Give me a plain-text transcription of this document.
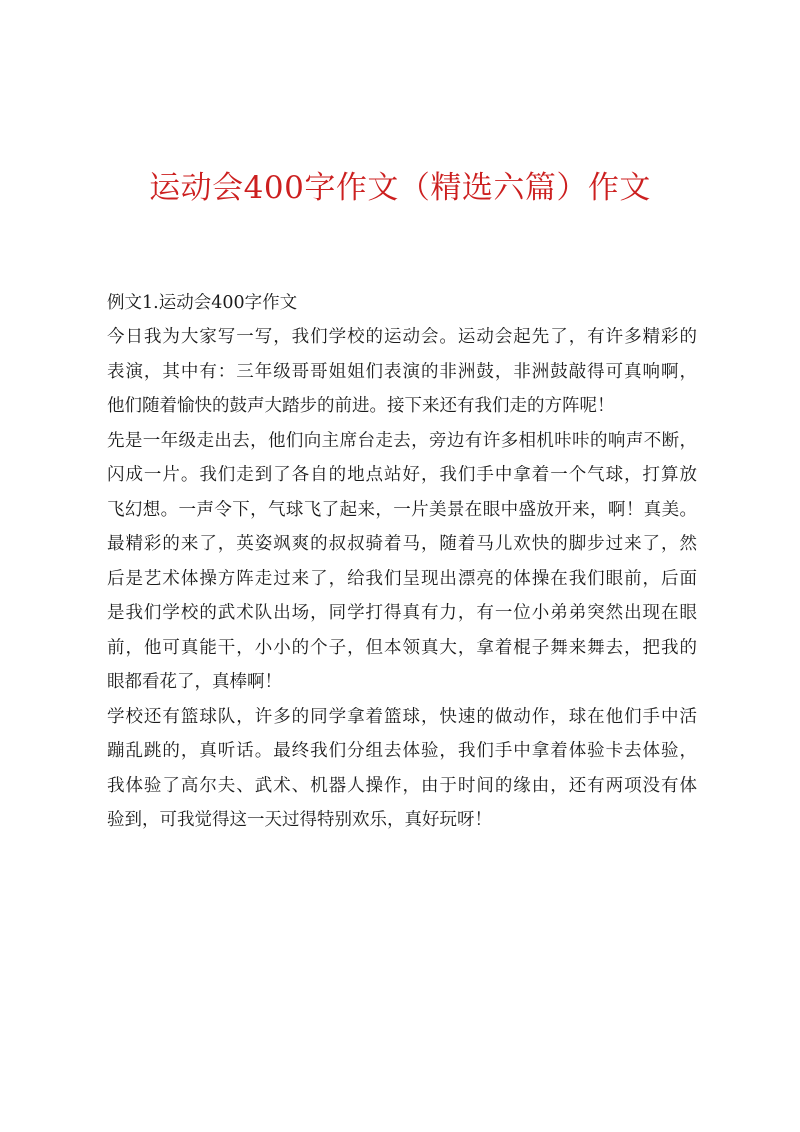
运动会400字作文（精选六篇）作文
例文1.运动会400字作文
今日我为大家写一写，我们学校的运动会。运动会起先了，有许多精彩的
表演，其中有：三年级哥哥姐姐们表演的非洲鼓，非洲鼓敲得可真响啊，
他们随着愉快的鼓声大踏步的前进。接下来还有我们走的方阵呢！
先是一年级走出去，他们向主席台走去，旁边有许多相机咔咔的响声不断，
闪成一片。我们走到了各自的地点站好，我们手中拿着一个气球，打算放
飞幻想。一声令下，气球飞了起来，一片美景在眼中盛放开来，啊！真美。
最精彩的来了，英姿飒爽的叔叔骑着马，随着马儿欢快的脚步过来了，然
后是艺术体操方阵走过来了，给我们呈现出漂亮的体操在我们眼前，后面
是我们学校的武术队出场，同学打得真有力，有一位小弟弟突然出现在眼
前，他可真能干，小小的个子，但本领真大，拿着棍子舞来舞去，把我的
眼都看花了，真棒啊！
学校还有篮球队，许多的同学拿着篮球，快速的做动作，球在他们手中活
蹦乱跳的，真听话。最终我们分组去体验，我们手中拿着体验卡去体验，
我体验了高尔夫、武术、机器人操作，由于时间的缘由，还有两项没有体
验到，可我觉得这一天过得特别欢乐，真好玩呀！
